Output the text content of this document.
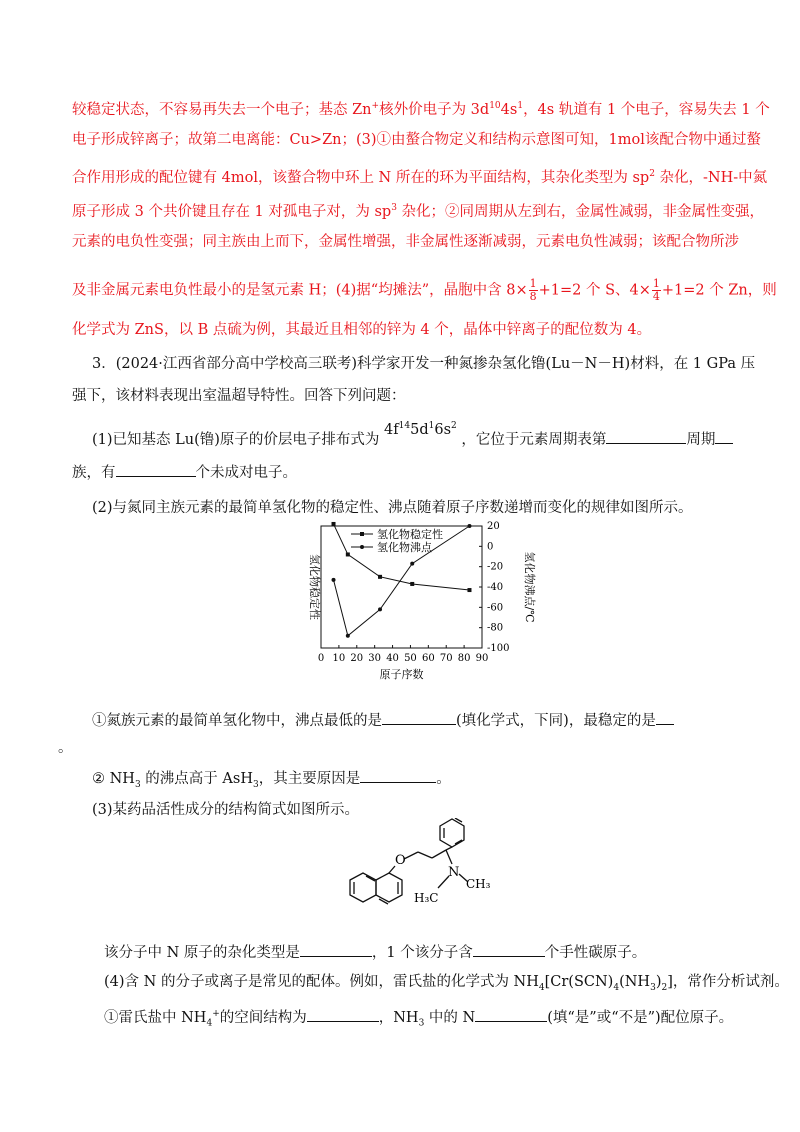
较稳定状态，不容易再失去一个电子；基态 Zn+核外价电子为 $3d^{10}4s^1$，4s 轨道有 1 个电子，容易失去 1 个
电子形成锌离子；故第二电离能：Cu>Zn；(3)①由螯合物定义和结构示意图可知，1mol该配合物中通过螯
合作用形成的配位键有 4mol，该螯合物中环上 N 所在的环为平面结构，其杂化类型为 $sp^2$ 杂化，-NH-中氮
原子形成 3 个共价键且存在 1 对孤电子对，为 $sp^3$ 杂化；②同周期从左到右，金属性减弱，非金属性变强，
元素的电负性变强；同主族由上而下，金属性增强，非金属性逐渐减弱，元素电负性减弱；该配合物所涉
及非金属元素电负性最小的是氢元素 H；(4)据“均摊法”，晶胞中含 $8\times \frac{1}{8} +1=2$ 个 S、$4\times \frac{1}{4} +1=2$ 个 Zn，则
化学式为 ZnS，以 B 点硫为例，其最近且相邻的锌为 4 个，晶体中锌离子的配位数为 4。
3．(2024·江西省部分高中学校高三联考)科学家开发一种氮掺杂氢化镥(Lu－N－H)材料，在 1 GPa 压
强下，该材料表现出室温超导特性。回答下列问题：
(1)已知基态 Lu(镥)原子的价层电子排布式为 $4f^{14}5d^16s^2$ ，它位于元素周期表第	周期
族，有	个未成对电子。
(2)与氮同主族元素的最简单氢化物的稳定性、沸点随着原子序数递增而变化的规律如图所示。
0 10 20 30 40 50 60 70 80 90
20
0
-20
-40
-60
-80
-100
原子序数
氢化物稳定性	氢化物沸点/℃
氢化物稳定性
氢化物沸点
①氮族元素的最简单氢化物中，沸点最低的是	(填化学式，下同)，最稳定的是
。
② $NH_3$ 的沸点高于 AsH$_3$，其主要原因是	。
(3)某药品活性成分的结构简式如图所示。
O
N
CH₃
H₃C
该分子中 N 原子的杂化类型是	，1 个该分子含	个手性碳原子。
(4)含 N 的分子或离子是常见的配体。例如，雷氏盐的化学式为 $NH_4[Cr(SCN)_4(NH_3)_2]$，常作分析试剂。
①雷氏盐中 $NH_4^+$的空间结构为	，$NH_3$ 中的 N	(填“是”或“不是”)配位原子。
